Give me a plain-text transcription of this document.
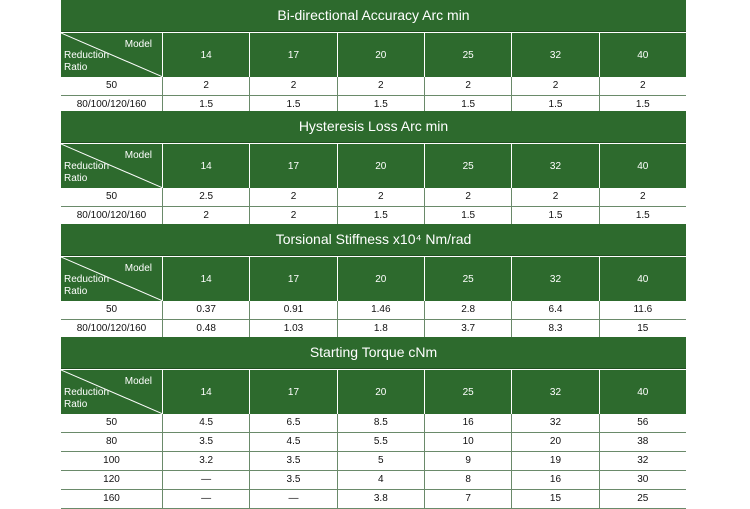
Bi-directional Accuracy Arc min
Model
Reduction
Ratio
14	17	20	25	32	40
50	2	2	2	2	2	2
80/100/120/160	1.5	1.5	1.5	1.5	1.5	1.5
Hysteresis Loss Arc min
Model
Reduction
Ratio
14	17	20	25	32	40
50	2.5	2	2	2	2	2
80/100/120/160	2	2	1.5	1.5	1.5	1.5
Torsional Stiffness x10⁴ Nm/rad
Model
Reduction
Ratio
14	17	20	25	32	40
50	0.37	0.91	1.46	2.8	6.4	11.6
80/100/120/160	0.48	1.03	1.8	3.7	8.3	15
Starting Torque cNm
Model
Reduction
Ratio
14	17	20	25	32	40
50	4.5	6.5	8.5	16	32	56
80	3.5	4.5	5.5	10	20	38
100	3.2	3.5	5	9	19	32
120	—	3.5	4	8	16	30
160	—	—	3.8	7	15	25
